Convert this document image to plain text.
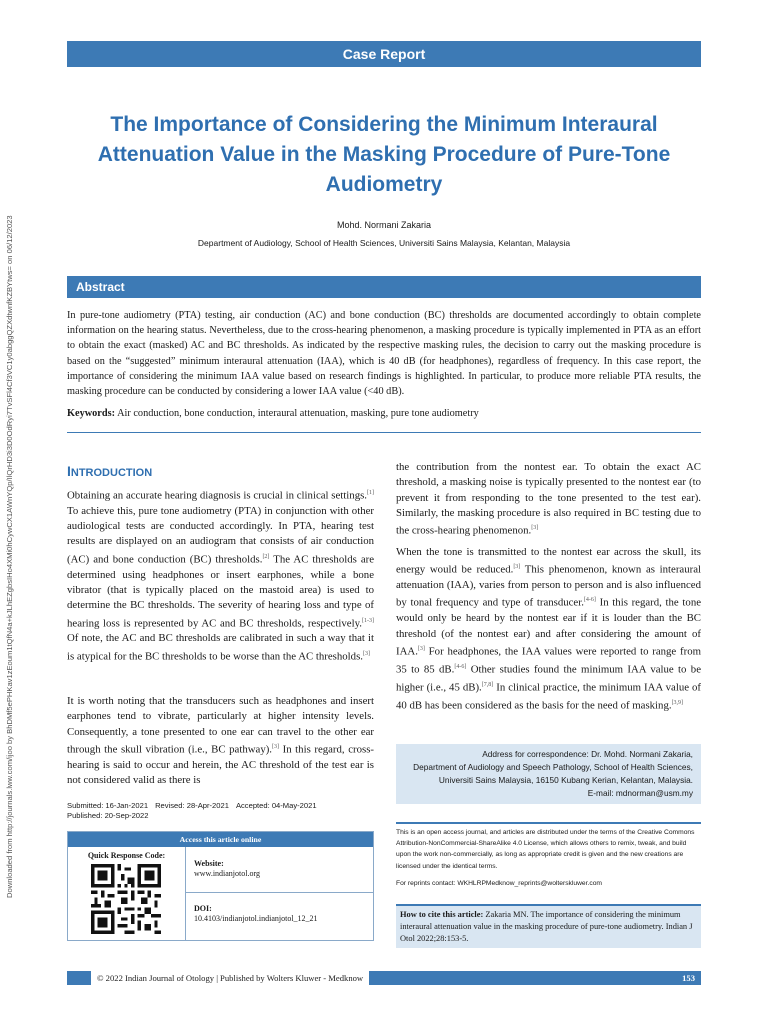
Case Report
The Importance of Considering the Minimum Interaural Attenuation Value in the Masking Procedure of Pure-Tone Audiometry
Mohd. Normani Zakaria
Department of Audiology, School of Health Sciences, Universiti Sains Malaysia, Kelantan, Malaysia
Downloaded from http://journals.lww.com/ijoo by BhDMf5ePHKav1zEoum1tQfN4a+kJLhEZgbsIHo4XMi0hCywCX1AWnYQp/IlQrHD3i3D0OdRyi7TvSFl4Cf3VC1y0abggQZXdtwnfKZBYtws= on 06/12/2023	Abstract
In pure-tone audiometry (PTA) testing, air conduction (AC) and bone conduction (BC) thresholds are documented accordingly to obtain complete information on the hearing status. Nevertheless, due to the cross-hearing phenomenon, a masking procedure is typically implemented in PTA as an effort to obtain the exact (masked) AC and BC thresholds. As indicated by the respective masking rules, the decision to carry out the masking procedure is based on the “suggested” minimum interaural attenuation (IAA), which is 40 dB (for headphones), regardless of frequency. In this case report, the importance of considering the minimum IAA value based on research findings is highlighted. In particular, to produce more reliable PTA results, the masking procedure can be conducted by considering a lower IAA value (<40 dB).
Keywords: Air conduction, bone conduction, interaural attenuation, masking, pure tone audiometry
INTRODUCTION
Obtaining an accurate hearing diagnosis is crucial in clinical settings.[1] To achieve this, pure tone audiometry (PTA) in conjunction with other audiological tests are conducted accordingly. In PTA, hearing test results are displayed on an audiogram that consists of air conduction (AC) and bone conduction (BC) thresholds.[2] The AC thresholds are determined using headphones or insert earphones, while a bone vibrator (that is typically placed on the mastoid area) is used to determine the BC thresholds. The severity of hearing loss and type of hearing loss is represented by AC and BC thresholds, respectively.[1-3] Of note, the AC and BC thresholds are calibrated in such a way that it is atypical for the BC thresholds to be worse than the AC thresholds.[3]
It is worth noting that the transducers such as headphones and insert earphones tend to vibrate, particularly at higher intensity levels. Consequently, a tone presented to one ear can travel to the other ear through the skull vibration (i.e., BC pathway).[3] In this regard, cross-hearing is said to occur and herein, the AC threshold of the test ear is not considered valid as there is
the contribution from the nontest ear. To obtain the exact AC threshold, a masking noise is typically presented to the nontest ear (to prevent it from responding to the tone presented to the test ear). Similarly, the masking procedure is also required in BC testing due to the cross-hearing phenomenon.[3]
When the tone is transmitted to the nontest ear across the skull, its energy would be reduced.[3] This phenomenon, known as interaural attenuation (IAA), varies from person to person and is also influenced by tonal frequency and type of transducer.[4-6] In this regard, the tone would only be heard by the nontest ear if it is louder than the BC threshold (of the nontest ear) and after considering the amount of IAA.[3] For headphones, the IAA values were reported to range from 35 to 85 dB.[4-6] Other studies found the minimum IAA value to be higher (i.e., 45 dB).[7,8] In clinical practice, the minimum IAA value of 40 dB has been considered as the basis for the need of masking.[3,9]
Address for correspondence: Dr. Mohd. Normani Zakaria,
Department of Audiology and Speech Pathology, School of Health Sciences,
Universiti Sains Malaysia, 16150 Kubang Kerian, Kelantan, Malaysia.
E-mail: mdnorman@usm.my
Submitted: 16-Jan-2021 Revised: 28-Apr-2021 Accepted: 04-May-2021
Published: 20-Sep-2022
Access this article online
Quick Response Code:
Website:
www.indianjotol.org
DOI:
10.4103/indianjotol.indianjotol_12_21
This is an open access journal, and articles are distributed under the terms of the Creative Commons Attribution-NonCommercial-ShareAlike 4.0 License, which allows others to remix, tweak, and build upon the work non-commercially, as long as appropriate credit is given and the new creations are licensed under the identical terms.
For reprints contact: WKHLRPMedknow_reprints@wolterskluwer.com
How to cite this article: Zakaria MN. The importance of considering the minimum interaural attenuation value in the masking procedure of pure-tone audiometry. Indian J Otol 2022;28:153-5.
© 2022 Indian Journal of Otology | Published by Wolters Kluwer - Medknow	153
